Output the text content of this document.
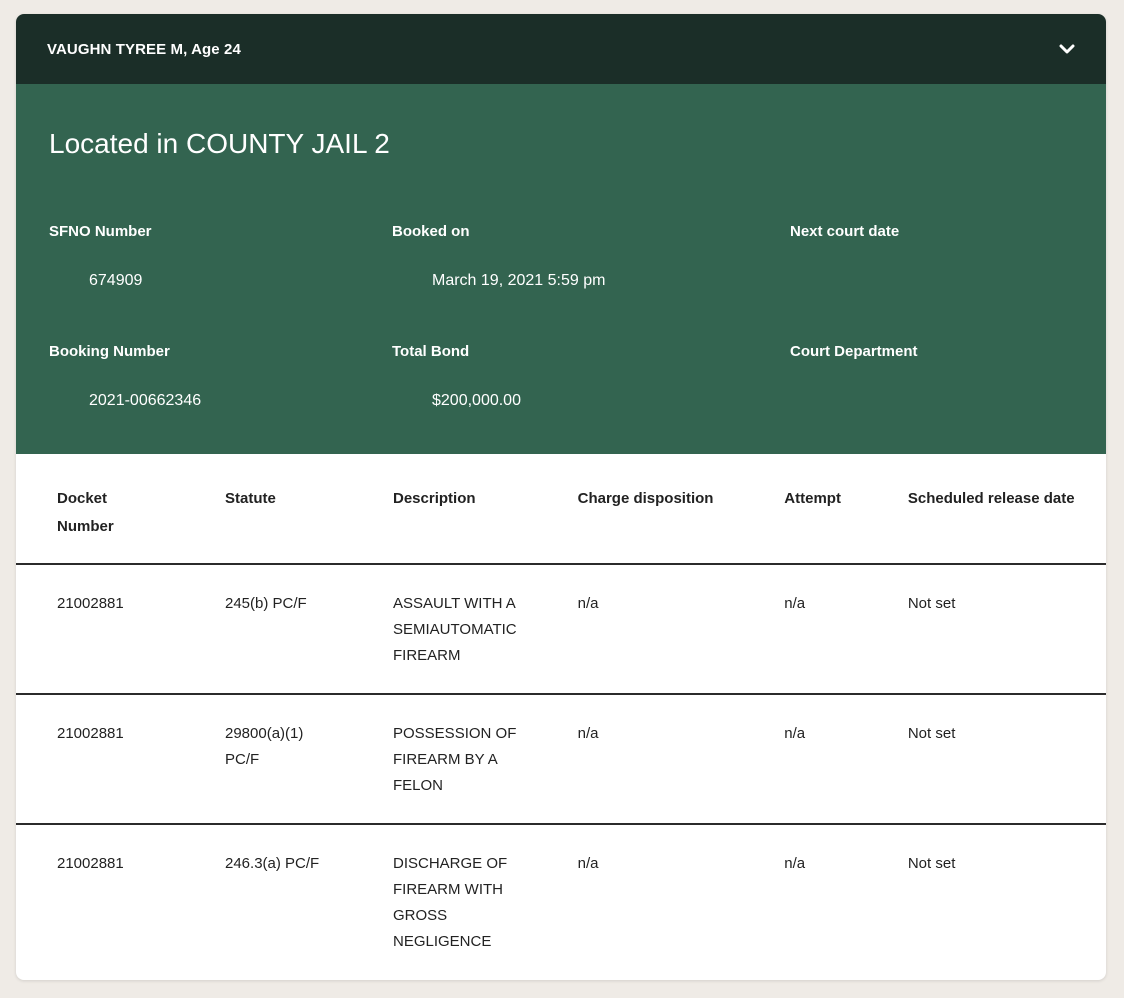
VAUGHN TYREE M, Age 24
Located in COUNTY JAIL 2
SFNO Number
674909
Booked on
March 19, 2021 5:59 pm
Next court date
Booking Number
2021-00662346
Total Bond
$200,000.00
Court Department
Docket Number	Statute	Description	Charge disposition	Attempt	Scheduled release date
21002881	245(b) PC/F	ASSAULT WITH A SEMIAUTOMATIC FIREARM	n/a	n/a	Not set
21002881	29800(a)(1) PC/F	POSSESSION OF FIREARM BY A FELON	n/a	n/a	Not set
21002881	246.3(a) PC/F	DISCHARGE OF FIREARM WITH GROSS NEGLIGENCE	n/a	n/a	Not set
